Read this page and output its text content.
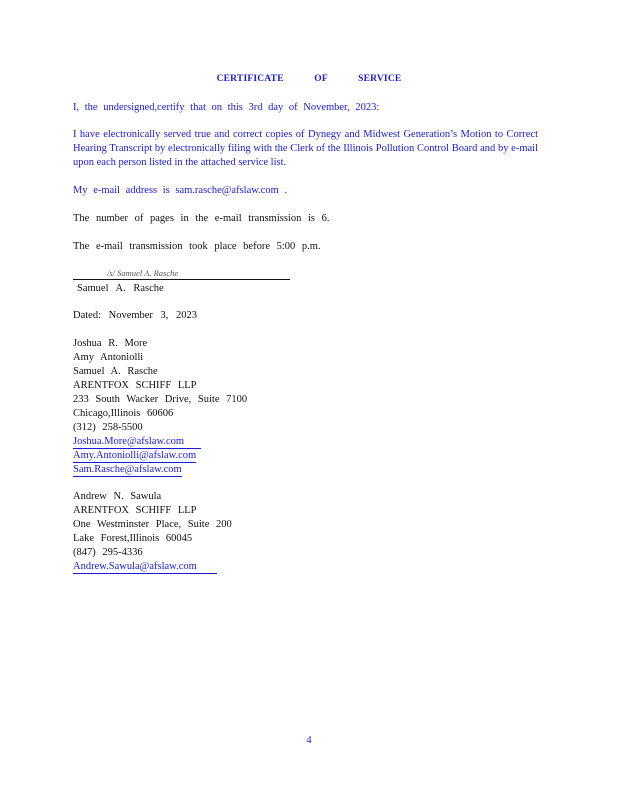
CERTIFICATE OF SERVICE
I, the undersigned,certify that on this 3rd day of November, 2023:
I have electronically served true and correct copies of Dynegy and Midwest Generation’s Motion to Correct Hearing Transcript by electronically filing with the Clerk of the Illinois Pollution Control Board and by e-mail upon each person listed in the attached service list.
My e-mail address is sam.rasche@afslaw.com .
The number of pages in the e-mail transmission is 6.
The e-mail transmission took place before 5:00 p.m.
/s/ Samuel A. Rasche
Samuel A. Rasche
Dated: November 3, 2023
Joshua R. More
Amy Antoniolli
Samuel A. Rasche
ARENTFOX SCHIFF LLP
233 South Wacker Drive, Suite 7100
Chicago,Illinois 60606
(312) 258-5500
Joshua.More@afslaw.com
Amy.Antoniolli@afslaw.com
Sam.Rasche@afslaw.com
Andrew N. Sawula
ARENTFOX SCHIFF LLP
One Westminster Place, Suite 200
Lake Forest,Illinois 60045
(847) 295-4336
Andrew.Sawula@afslaw.com
4
